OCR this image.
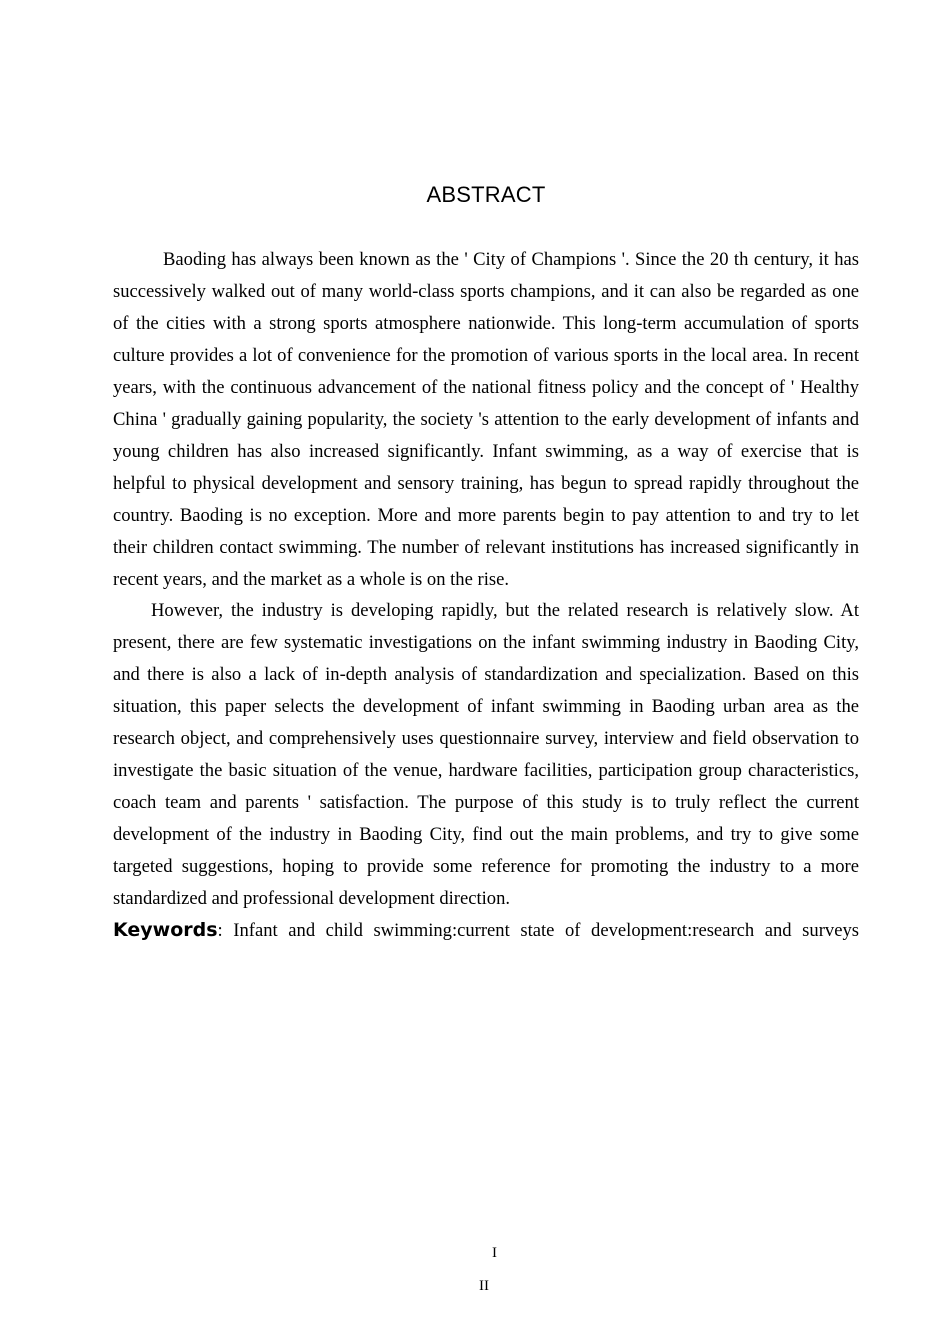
ABSTRACT

Baoding has always been known as the ' City of Champions '. Since the 20 th century, it has successively walked out of many world-class sports champions, and it can also be regarded as one of the cities with a strong sports atmosphere nationwide. This long-term accumulation of sports culture provides a lot of convenience for the promotion of various sports in the local area. In recent years, with the continuous advancement of the national fitness policy and the concept of ' Healthy China ' gradually gaining popularity, the society 's attention to the early development of infants and young children has also increased significantly. Infant swimming, as a way of exercise that is helpful to physical development and sensory training, has begun to spread rapidly throughout the country. Baoding is no exception. More and more parents begin to pay attention to and try to let their children contact swimming. The number of relevant institutions has increased significantly in recent years, and the market as a whole is on the rise.

However, the industry is developing rapidly, but the related research is relatively slow. At present, there are few systematic investigations on the infant swimming industry in Baoding City, and there is also a lack of in-depth analysis of standardization and specialization. Based on this situation, this paper selects the development of infant swimming in Baoding urban area as the research object, and comprehensively uses questionnaire survey, interview and field observation to investigate the basic situation of the venue, hardware facilities, participation group characteristics, coach team and parents ' satisfaction. The purpose of this study is to truly reflect the current development of the industry in Baoding City, find out the main problems, and try to give some targeted suggestions, hoping to provide some reference for promoting the industry to a more standardized and professional development direction.

Keywords: Infant and child swimming:current state of development:research and surveys

I
II
